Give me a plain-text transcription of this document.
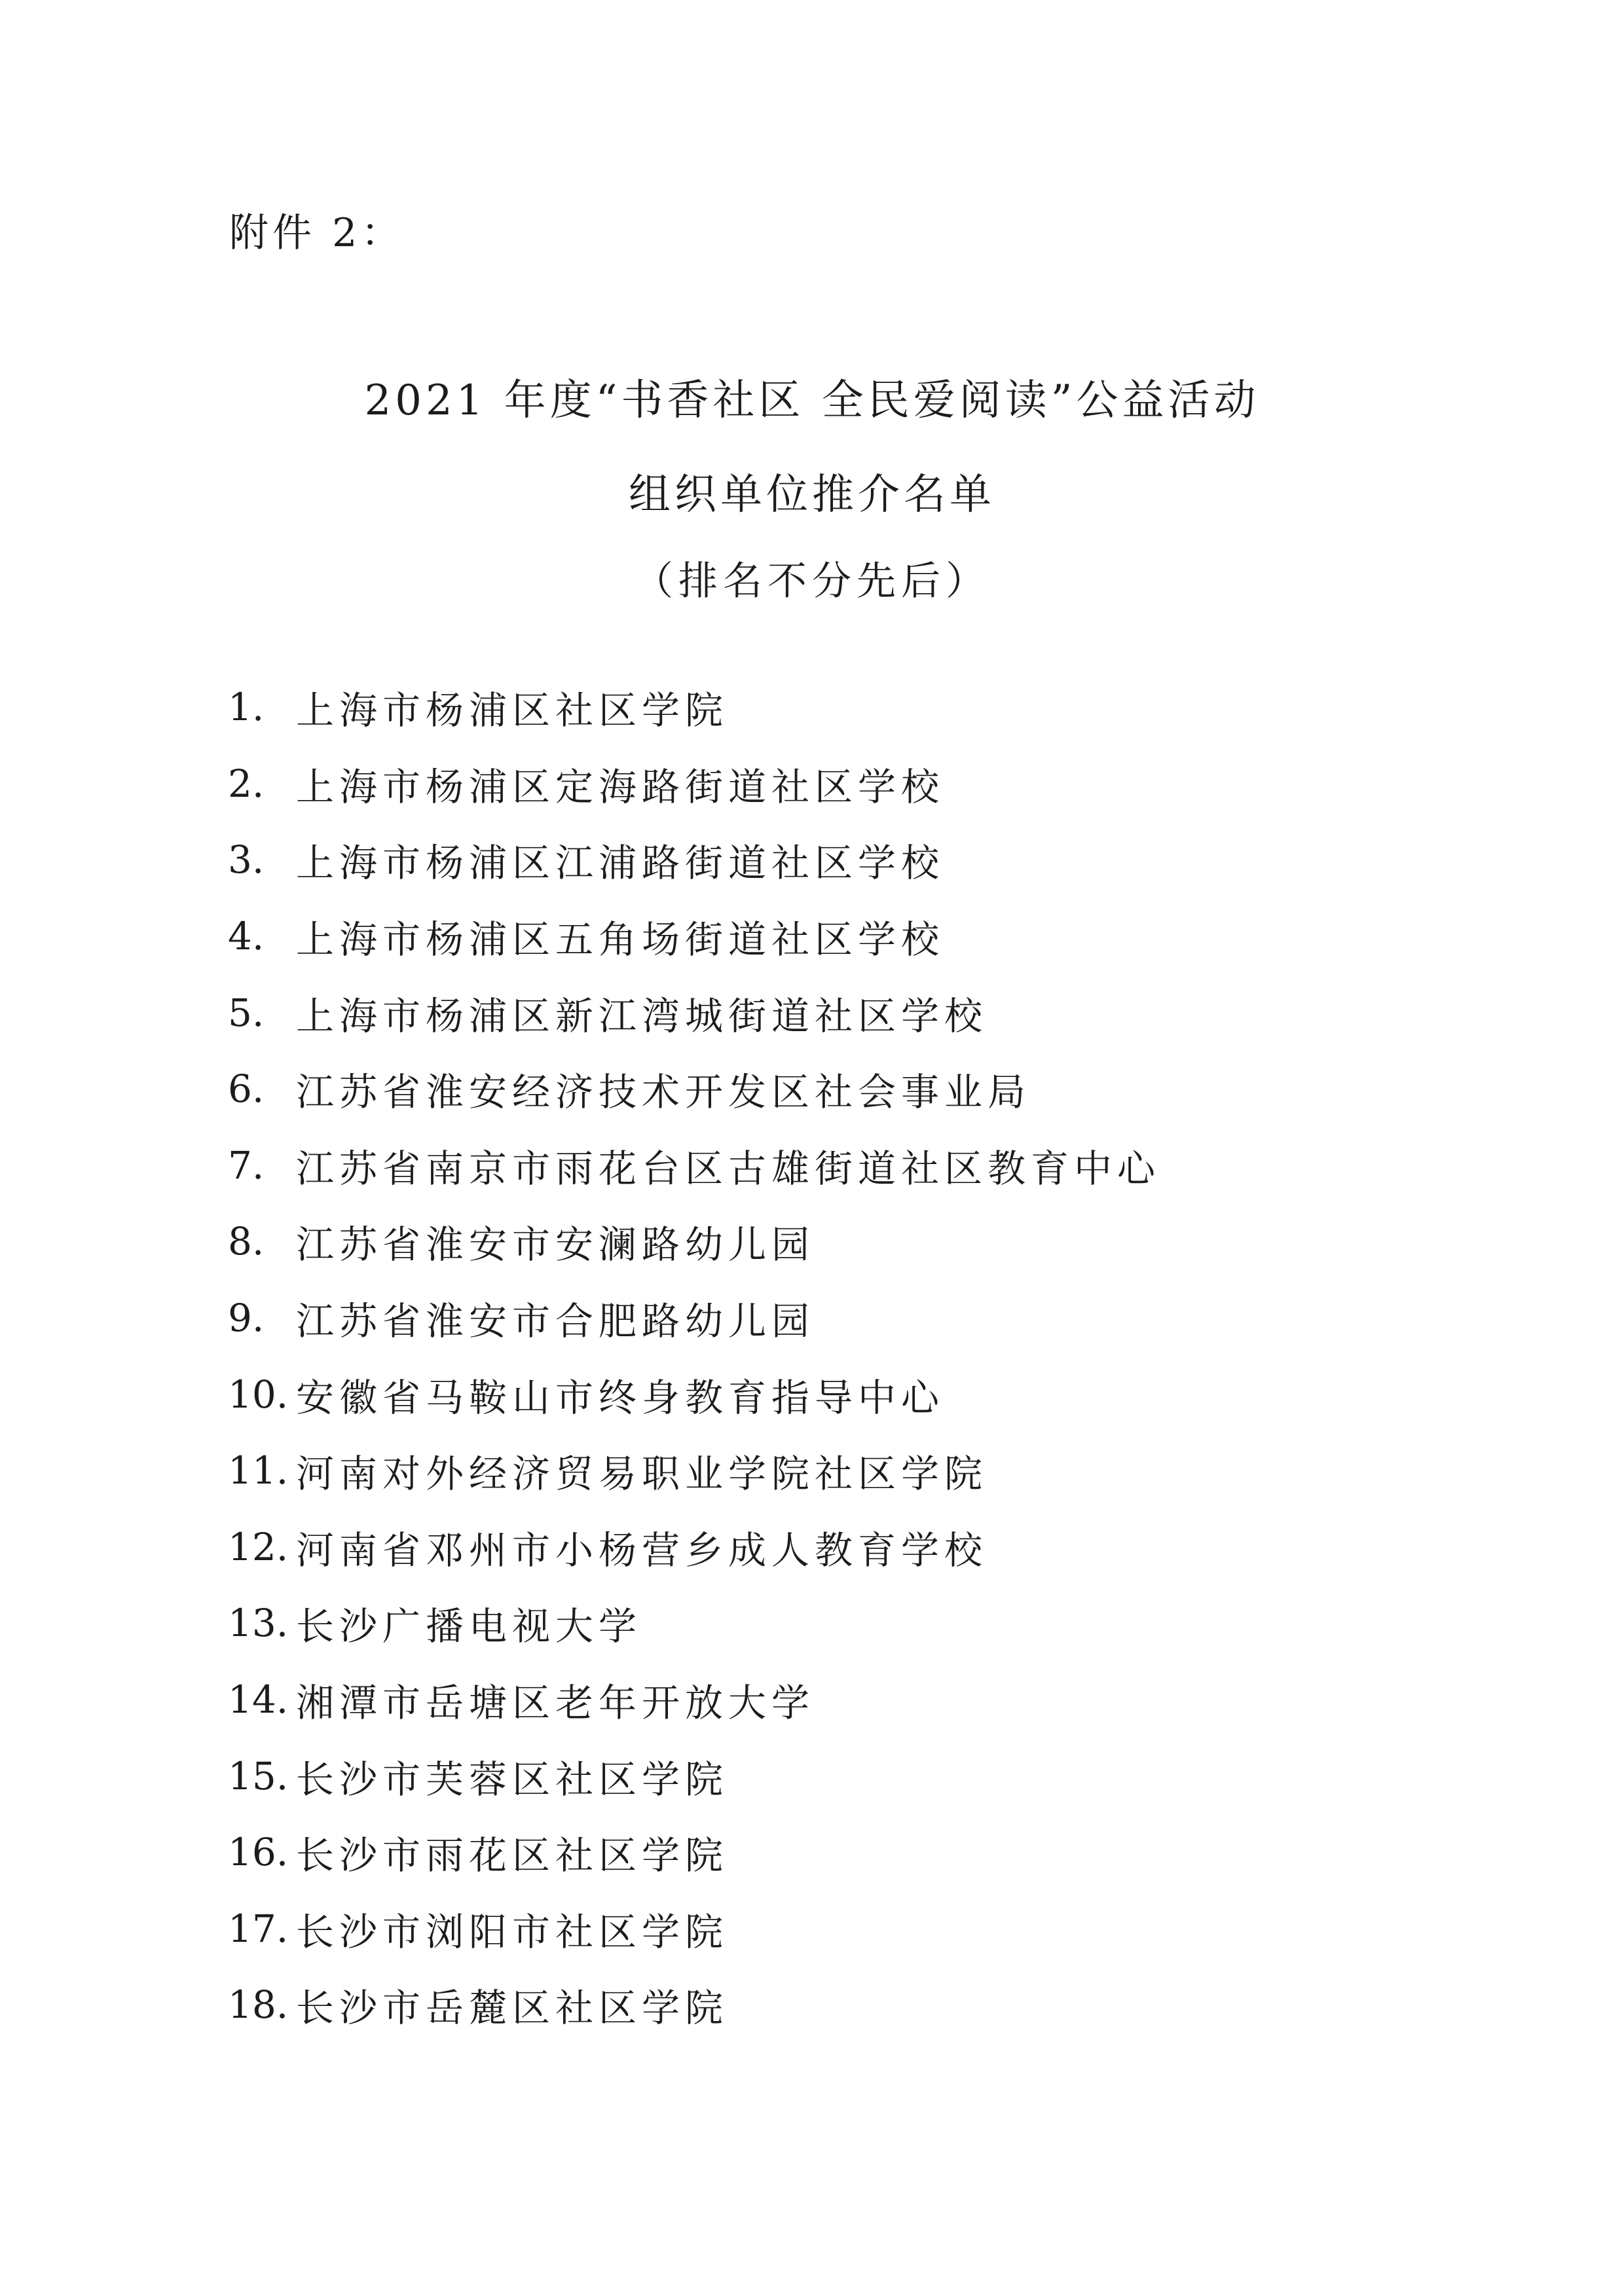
附件 2：
2021 年度“书香社区 全民爱阅读”公益活动
组织单位推介名单
（排名不分先后）
1. 上海市杨浦区社区学院
2. 上海市杨浦区定海路街道社区学校
3. 上海市杨浦区江浦路街道社区学校
4. 上海市杨浦区五角场街道社区学校
5. 上海市杨浦区新江湾城街道社区学校
6. 江苏省淮安经济技术开发区社会事业局
7. 江苏省南京市雨花台区古雄街道社区教育中心
8. 江苏省淮安市安澜路幼儿园
9. 江苏省淮安市合肥路幼儿园
10. 安徽省马鞍山市终身教育指导中心
11. 河南对外经济贸易职业学院社区学院
12. 河南省邓州市小杨营乡成人教育学校
13. 长沙广播电视大学
14. 湘潭市岳塘区老年开放大学
15. 长沙市芙蓉区社区学院
16. 长沙市雨花区社区学院
17. 长沙市浏阳市社区学院
18. 长沙市岳麓区社区学院
